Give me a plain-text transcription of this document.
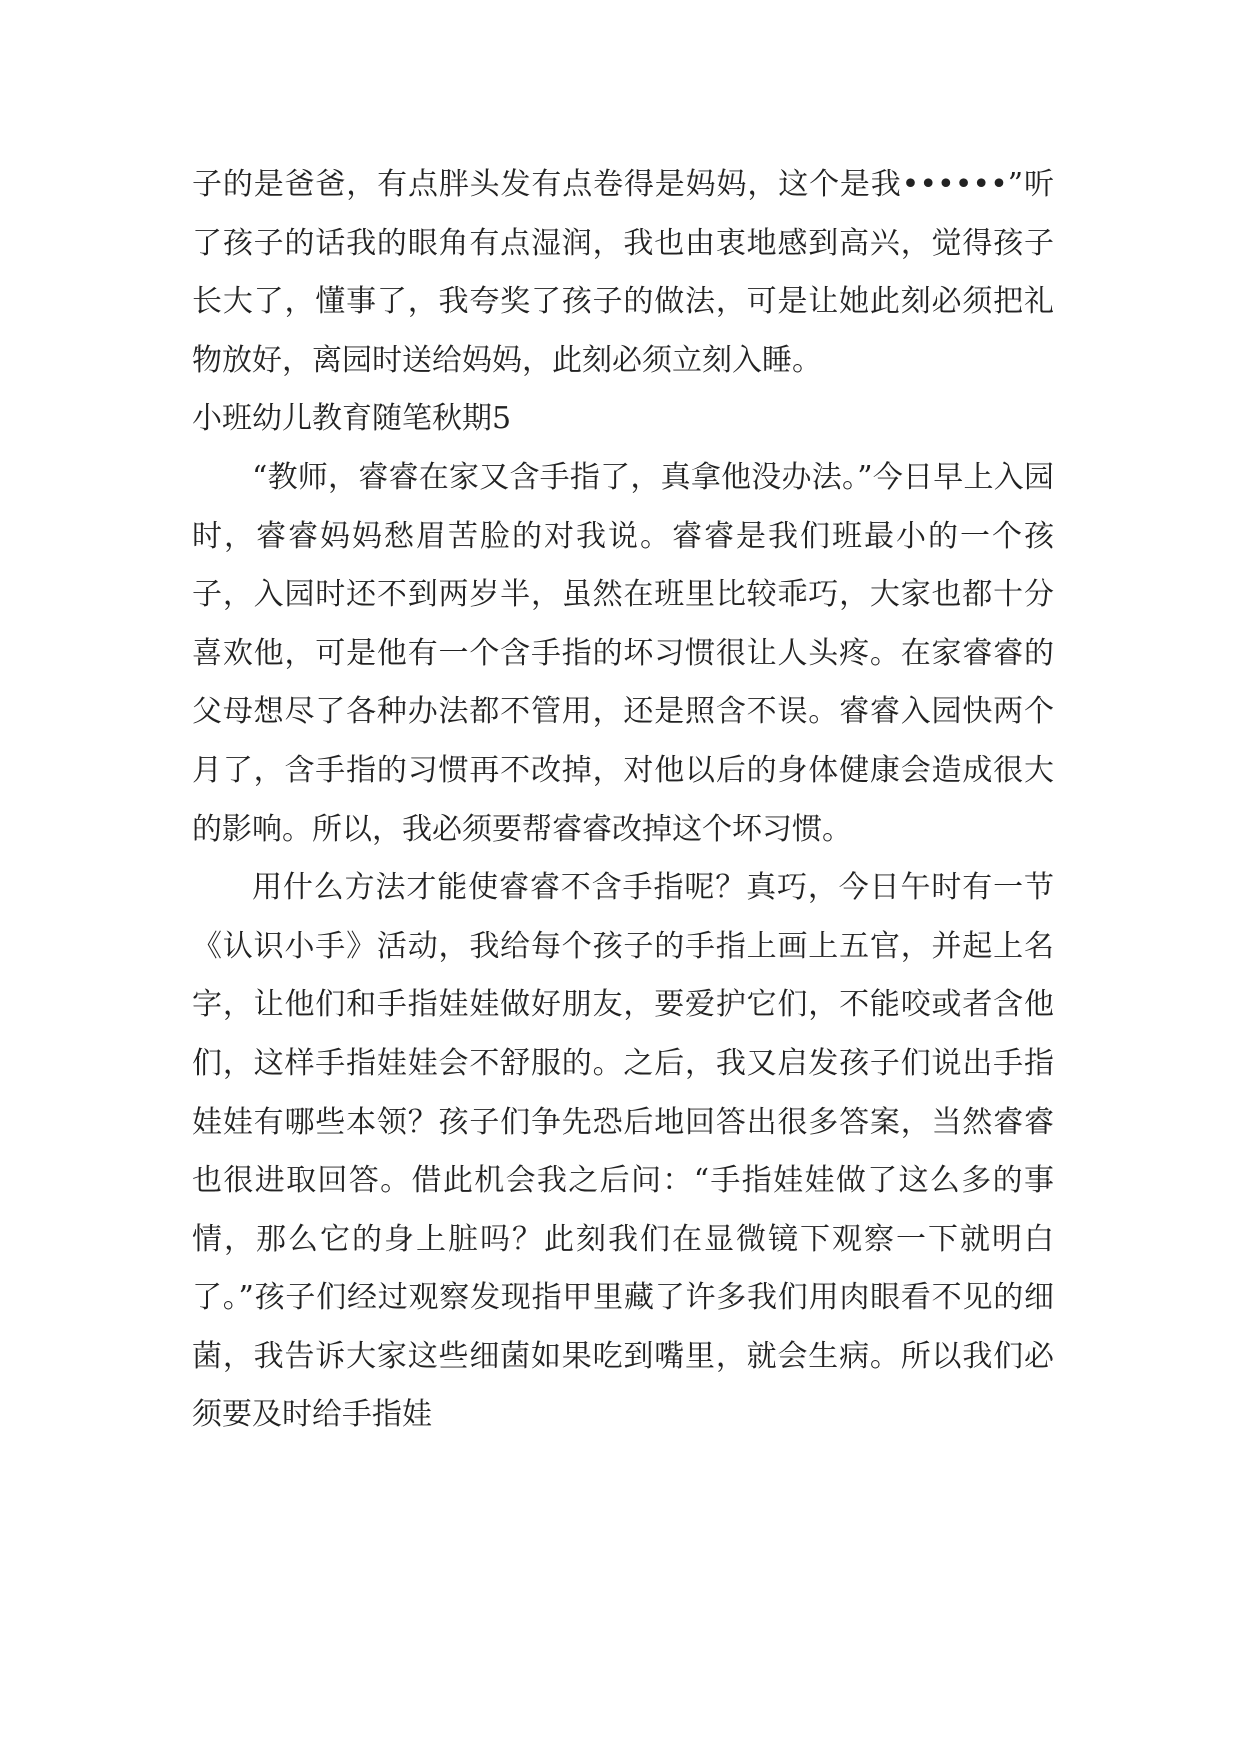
子的是爸爸，有点胖头发有点卷得是妈妈，这个是我••••••”听了孩子的话我的眼角有点湿润，我也由衷地感到高兴，觉得孩子长大了，懂事了，我夸奖了孩子的做法，可是让她此刻必须把礼物放好，离园时送给妈妈，此刻必须立刻入睡。

小班幼儿教育随笔秋期5

“教师，睿睿在家又含手指了，真拿他没办法。”今日早上入园时，睿睿妈妈愁眉苦脸的对我说。睿睿是我们班最小的一个孩子，入园时还不到两岁半，虽然在班里比较乖巧，大家也都十分喜欢他，可是他有一个含手指的坏习惯很让人头疼。在家睿睿的父母想尽了各种办法都不管用，还是照含不误。睿睿入园快两个月了，含手指的习惯再不改掉，对他以后的身体健康会造成很大的影响。所以，我必须要帮睿睿改掉这个坏习惯。

用什么方法才能使睿睿不含手指呢？真巧，今日午时有一节《认识小手》活动，我给每个孩子的手指上画上五官，并起上名字，让他们和手指娃娃做好朋友，要爱护它们，不能咬或者含他们，这样手指娃娃会不舒服的。之后，我又启发孩子们说出手指娃娃有哪些本领？孩子们争先恐后地回答出很多答案，当然睿睿也很进取回答。借此机会我之后问：“手指娃娃做了这么多的事情，那么它的身上脏吗？此刻我们在显微镜下观察一下就明白了。”孩子们经过观察发现指甲里藏了许多我们用肉眼看不见的细菌，我告诉大家这些细菌如果吃到嘴里，就会生病。所以我们必须要及时给手指娃
